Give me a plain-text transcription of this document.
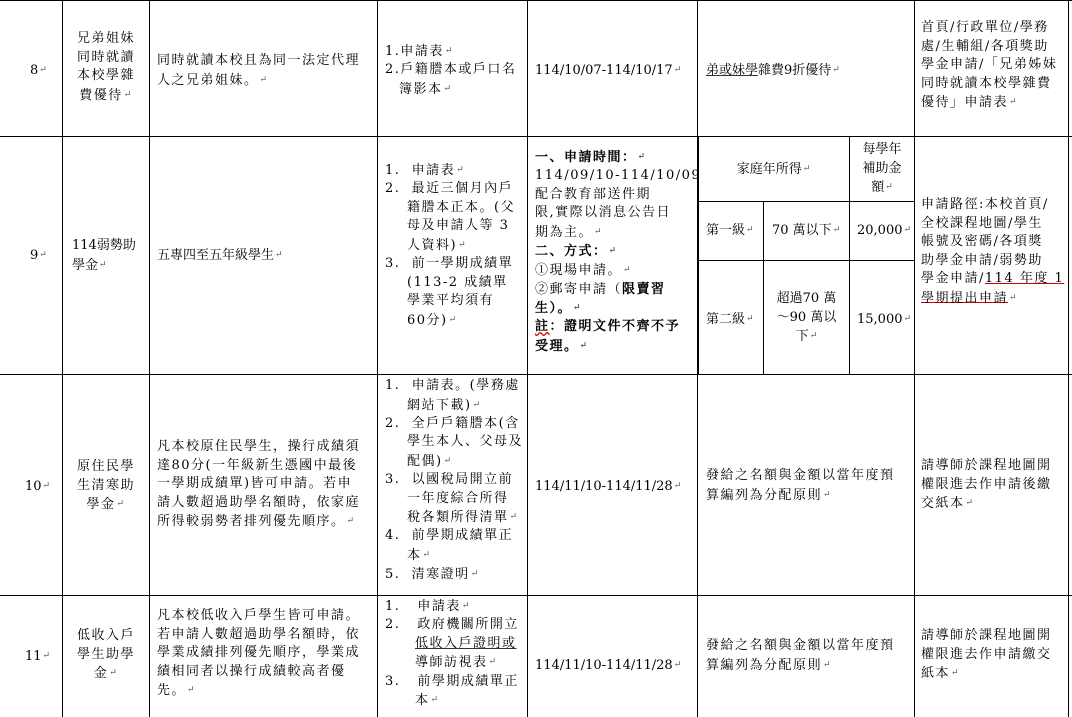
8↵
兄弟姐妹
同時就讀
本校學雜
費優待↵
同時就讀本校且為同一法定代理
人之兄弟姐妹。↵
1.申請表↵
2.戶籍謄本或戶口名
簿影本↵
114/10/07-114/10/17↵ 弟或妹學雜費9折優待↵
首頁/行政單位/學務
處/生輔組/各項獎助
學金申請/「兄弟姊妹
同時就讀本校學雜費
優待」申請表↵
9↵
114弱勢助
學金↵
五專四至五年級學生↵
1. 申請表↵
2. 最近三個月內戶
籍謄本正本。(父
母及申請人等 3
人資料)↵
3. 前一學期成績單
(113-2 成績單
學業平均須有
60分)↵
一、申請時間：↵
114/09/10-114/10/09
配合教育部送件期
限,實際以消息公告日
期為主。↵
二、方式：↵
①現場申請。↵
②郵寄申請（限賣習
生）。↵
註：證明文件不齊不予
受理。↵
家庭年所得↵
每學年
補助金
額↵
第一級↵ 70 萬以下↵ 20,000↵
第二級↵
超過70 萬
～90 萬以
下↵
15,000↵
申請路徑:本校首頁/
全校課程地圖/學生
帳號及密碼/各項獎
助學金申請/弱勢助
學金申請/114 年度 1
學期提出申請↵
10↵
原住民學
生清寒助
學金↵
凡本校原住民學生，操行成績須
達80分(一年級新生憑國中最後
一學期成績單)皆可申請。若申
請人數超過助學名額時，依家庭
所得較弱勢者排列優先順序。↵
1. 申請表。(學務處
網站下載)↵
2. 全戶戶籍謄本(含
學生本人、父母及
配偶)↵
3. 以國稅局開立前
一年度綜合所得
稅各類所得清單↵
4. 前學期成績單正
本↵
5. 清寒證明↵
114/11/10-114/11/28↵
發給之名額與金額以當年度預
算編列為分配原則↵
請導師於課程地圖開
權限進去作申請後繳
交紙本↵
11↵
低收入戶
學生助學
金↵
凡本校低收入戶學生皆可申請。
若申請人數超過助學名額時，依
學業成績排列優先順序，學業成
績相同者以操行成績較高者優
先。↵
1. 申請表↵
2. 政府機關所開立
低收入戶證明或
導師訪視表↵
3. 前學期成績單正
本↵
114/11/10-114/11/28↵
發給之名額與金額以當年度預
算編列為分配原則↵
請導師於課程地圖開
權限進去作申請繳交
紙本↵
